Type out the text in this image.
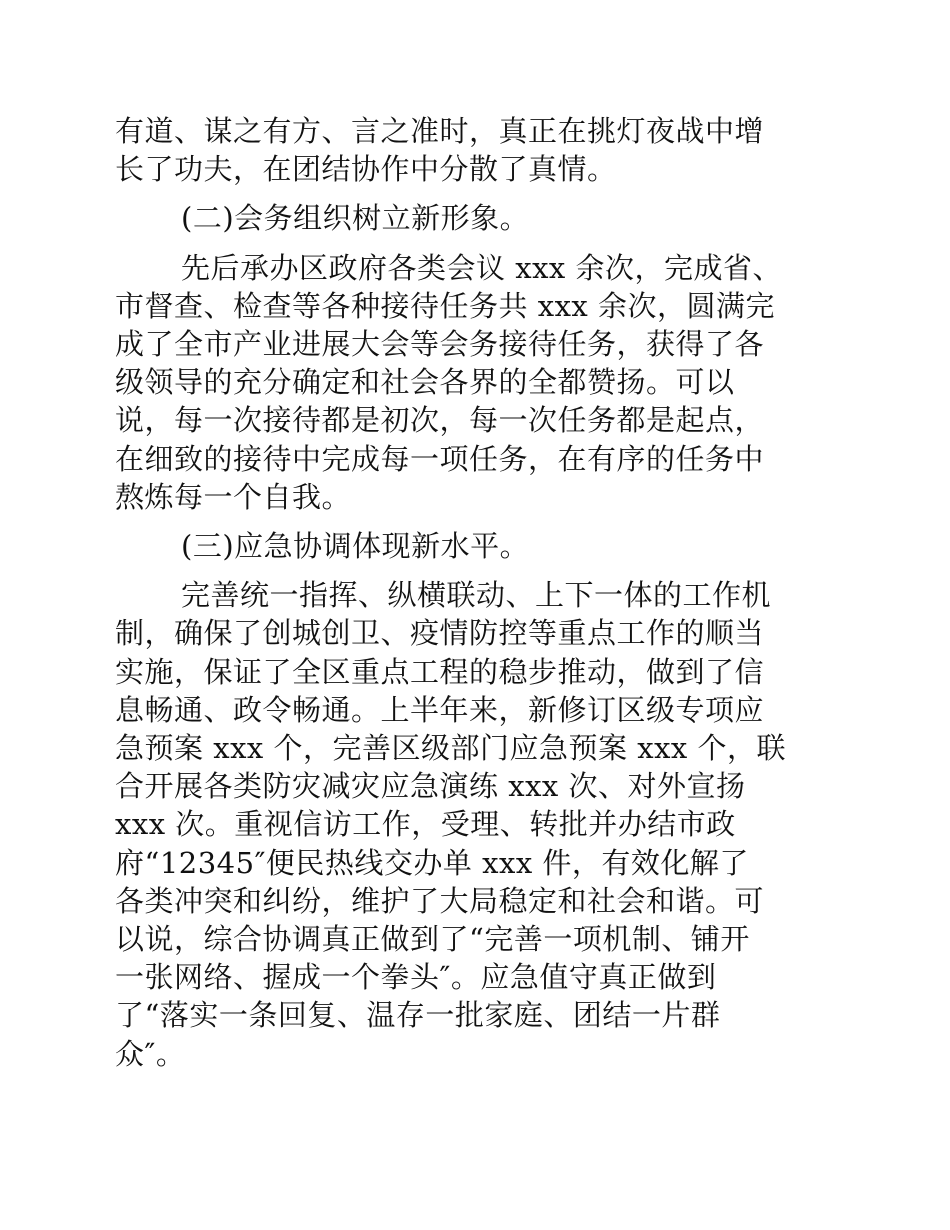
有道、谋之有方、言之准时，真正在挑灯夜战中增
长了功夫，在团结协作中分散了真情。
(二)会务组织树立新形象。
先后承办区政府各类会议 xxx 余次，完成省、
市督查、检查等各种接待任务共 xxx 余次，圆满完
成了全市产业进展大会等会务接待任务，获得了各
级领导的充分确定和社会各界的全都赞扬。可以
说，每一次接待都是初次，每一次任务都是起点，
在细致的接待中完成每一项任务，在有序的任务中
熬炼每一个自我。
(三)应急协调体现新水平。
完善统一指挥、纵横联动、上下一体的工作机
制，确保了创城创卫、疫情防控等重点工作的顺当
实施，保证了全区重点工程的稳步推动，做到了信
息畅通、政令畅通。上半年来，新修订区级专项应
急预案 xxx 个，完善区级部门应急预案 xxx 个，联
合开展各类防灾减灾应急演练 xxx 次、对外宣扬
xxx 次。重视信访工作，受理、转批并办结市政
府“12345″便民热线交办单 xxx 件，有效化解了
各类冲突和纠纷，维护了大局稳定和社会和谐。可
以说，综合协调真正做到了“完善一项机制、铺开
一张网络、握成一个拳头″。应急值守真正做到
了“落实一条回复、温存一批家庭、团结一片群
众″。
